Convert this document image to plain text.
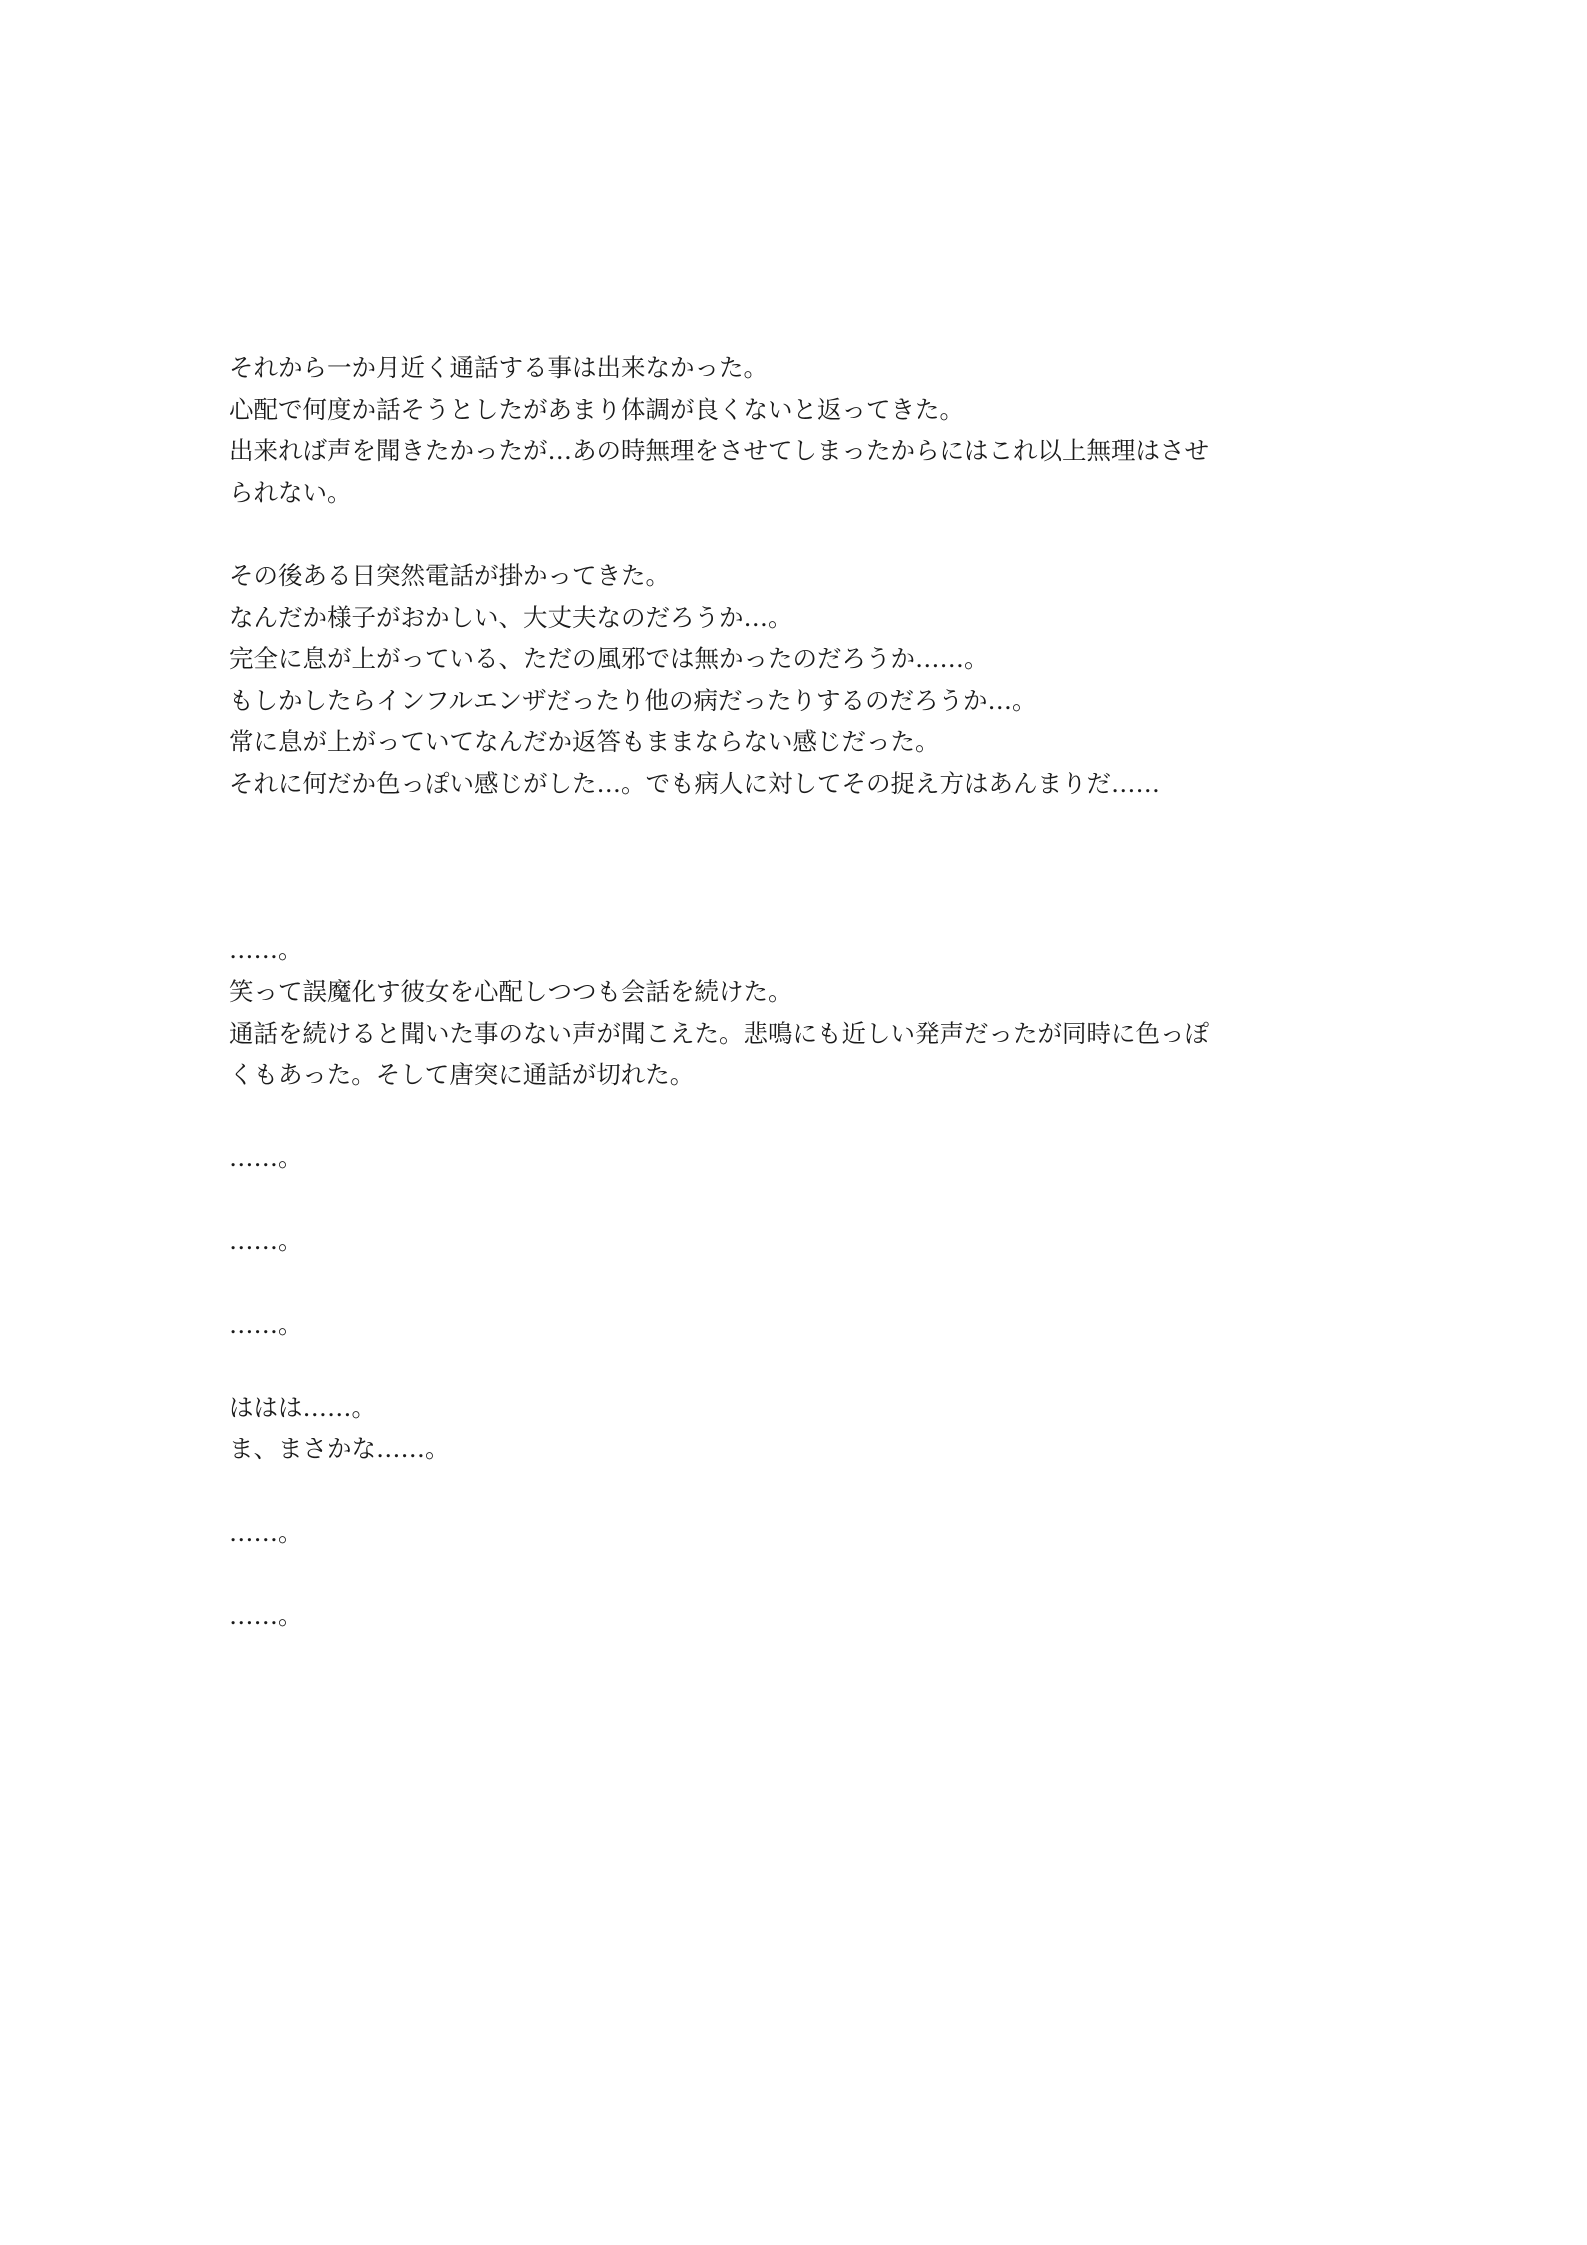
それから一か月近く通話する事は出来なかった。
心配で何度か話そうとしたがあまり体調が良くないと返ってきた。
出来れば声を聞きたかったが…あの時無理をさせてしまったからにはこれ以上無理はさせ
られない。
その後ある日突然電話が掛かってきた。
なんだか様子がおかしい、大丈夫なのだろうか…。
完全に息が上がっている、ただの風邪では無かったのだろうか……。
もしかしたらインフルエンザだったり他の病だったりするのだろうか…。
常に息が上がっていてなんだか返答もままならない感じだった。
それに何だか色っぽい感じがした…。でも病人に対してその捉え方はあんまりだ……
……。
笑って誤魔化す彼女を心配しつつも会話を続けた。
通話を続けると聞いた事のない声が聞こえた。悲鳴にも近しい発声だったが同時に色っぽ
くもあった。そして唐突に通話が切れた。
……。
……。
……。
ははは……。
ま、まさかな……。
……。
……。
